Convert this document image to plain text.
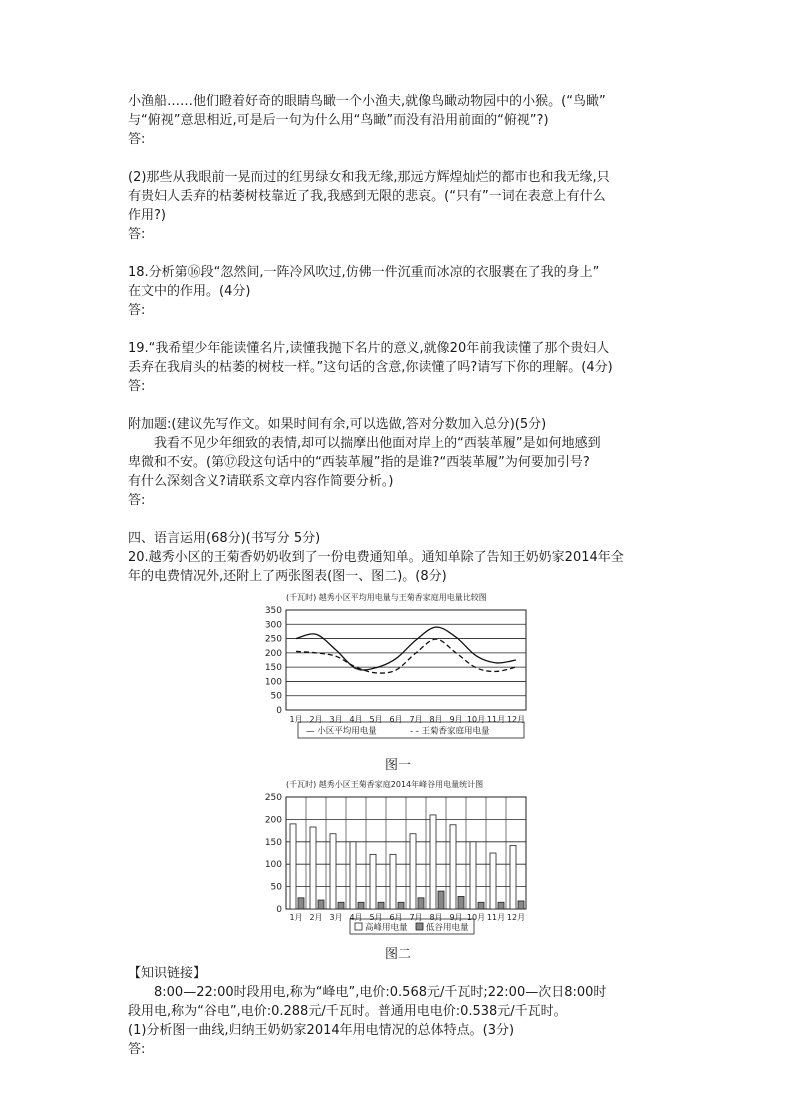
小渔船……他们瞪着好奇的眼睛鸟瞰一个小渔夫,就像鸟瞰动物园中的小猴。(“鸟瞰”

与“俯视”意思相近,可是后一句为什么用“鸟瞰”而没有沿用前面的“俯视”?)

答:

(2)那些从我眼前一晃而过的红男绿女和我无缘,那远方辉煌灿烂的都市也和我无缘,只

有贵妇人丢弃的枯萎树枝靠近了我,我感到无限的悲哀。(“只有”一词在表意上有什么

作用?)

答:

18.分析第⑯段“忽然间,一阵冷风吹过,仿佛一件沉重而冰凉的衣服裹在了我的身上”

在文中的作用。(4分)

答:

19.“我希望少年能读懂名片,读懂我抛下名片的意义,就像20年前我读懂了那个贵妇人

丢弃在我肩头的枯萎的树枝一样。”这句话的含意,你读懂了吗?请写下你的理解。(4分)

答:

附加题:(建议先写作文。如果时间有余,可以选做,答对分数加入总分)(5分)

我看不见少年细致的表情,却可以揣摩出他面对岸上的“西装革履”是如何地感到

卑微和不安。(第⑰段这句话中的“西装革履”指的是谁?“西装革履”为何要加引号?

有什么深刻含义?请联系文章内容作简要分析。)

答:

四、语言运用(68分)(书写分 5分)

20.越秀小区的王菊香奶奶收到了一份电费通知单。通知单除了告知王奶奶家2014年全

年的电费情况外,还附上了两张图表(图一、图二)。(8分)

(千瓦时) 越秀小区平均用电量与王菊香家庭用电量比较图
0
50
100
150
200
250
300
350
1月 2月 3月 4月 5月 6月 7月 8月 9月 10月 11月 12月
— 小区平均用电量	- - 王菊香家庭用电量
图一
(千瓦时) 越秀小区王菊香家庭2014年峰谷用电量统计图
0
50
100
150
200
250
1月 2月 3月 4月 5月 6月 7月 8月 9月 10月 11月 12月
高峰用电量 低谷用电量
图二

【知识链接】

8:00—22:00时段用电,称为“峰电”,电价:0.568元/千瓦时;22:00—次日8:00时

段用电,称为“谷电”,电价:0.288元/千瓦时。普通用电电价:0.538元/千瓦时。

(1)分析图一曲线,归纳王奶奶家2014年用电情况的总体特点。(3分)

答:
